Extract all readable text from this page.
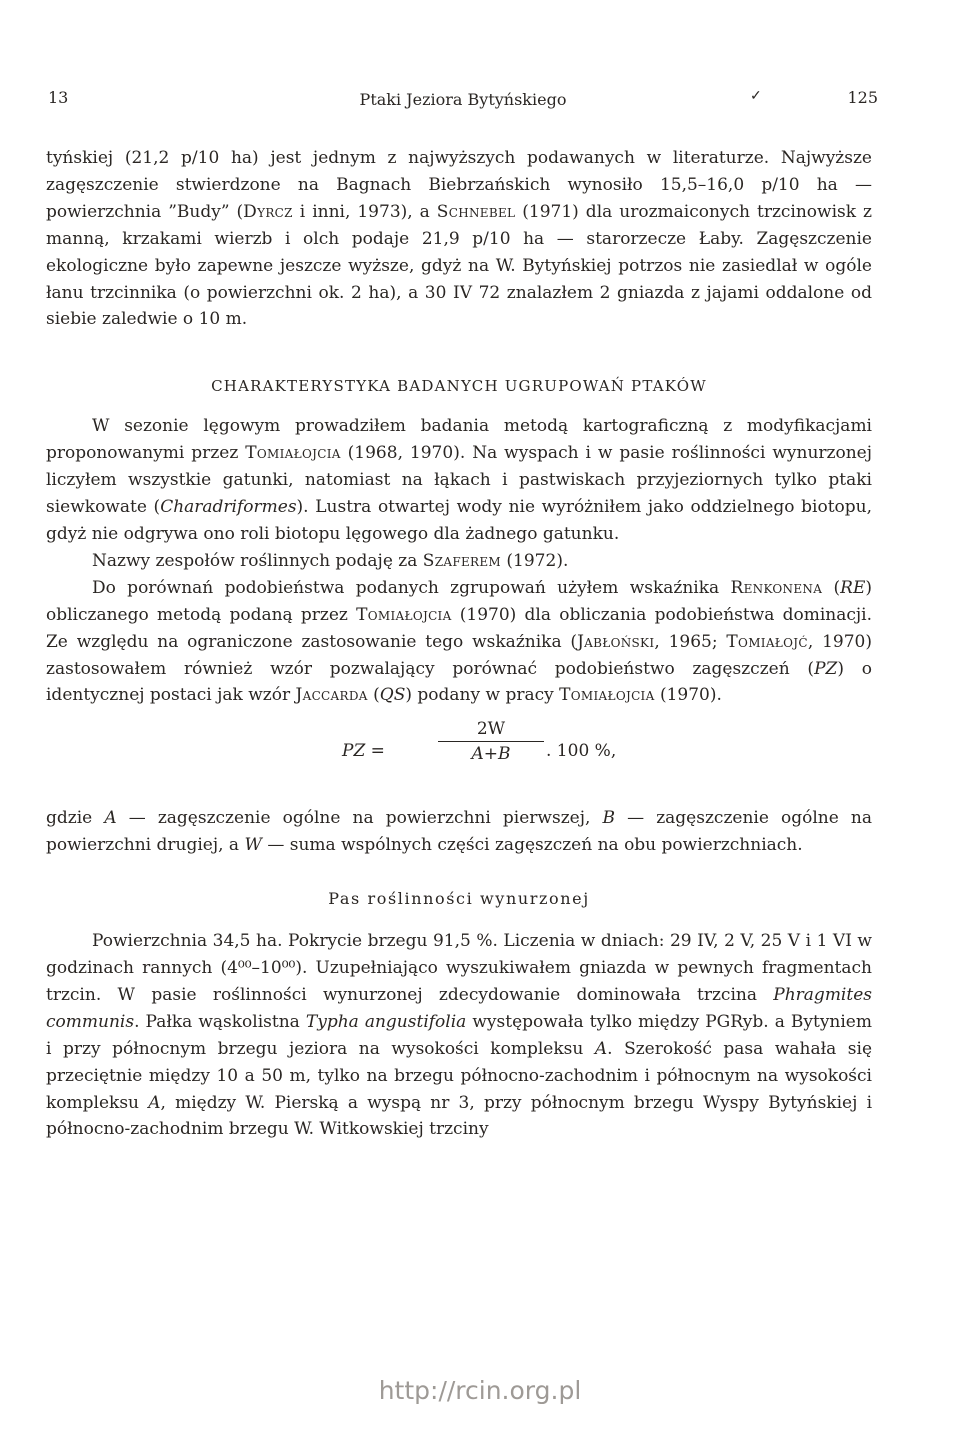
13	Ptaki Jeziora Bytyńskiego	✓	125

tyńskiej (21,2 p/10 ha) jest jednym z najwyższych podawanych w literaturze. Najwyższe zagęszczenie stwierdzone na Bagnach Biebrzańskich wynosiło 15,5–16,0 p/10 ha — powierzchnia ”Budy” (Dyrcz i inni, 1973), a Schnebel (1971) dla urozmaiconych trzcinowisk z manną, krzakami wierzb i olch podaje 21,9 p/10 ha — starorzecze Łaby. Zagęszczenie ekologiczne było zapewne jeszcze wyższe, gdyż na W. Bytyńskiej potrzos nie zasiedlał w ogóle łanu trzcinnika (o powierzchni ok. 2 ha), a 30 IV 72 znalazłem 2 gniazda z jajami oddalone od siebie zaledwie o 10 m.

CHARAKTERYSTYKA BADANYCH UGRUPOWAŃ PTAKÓW

W sezonie lęgowym prowadziłem badania metodą kartograficzną z modyfikacjami proponowanymi przez Tomiałojcia (1968, 1970). Na wyspach i w pasie roślinności wynurzonej liczyłem wszystkie gatunki, natomiast na łąkach i pastwiskach przyjeziornych tylko ptaki siewkowate (Charadriformes). Lustra otwartej wody nie wyróżniłem jako oddzielnego biotopu, gdyż nie odgrywa ono roli biotopu lęgowego dla żadnego gatunku.

Nazwy zespołów roślinnych podaję za Szaferem (1972).

Do porównań podobieństwa podanych zgrupowań użyłem wskaźnika Renkonena (RE) obliczanego metodą podaną przez Tomiałojcia (1970) dla obliczania podobieństwa dominacji. Ze względu na ograniczone zastosowanie tego wskaźnika (Jabłoński, 1965; Tomiałojć, 1970) zastosowałem również wzór pozwalający porównać podobieństwo zagęszczeń (PZ) o identycznej postaci jak wzór Jaccarda (QS) podany w pracy Tomiałojcia (1970).

PZ =
2W
A+B	. 100 %,

gdzie A — zagęszczenie ogólne na powierzchni pierwszej, B — zagęszczenie ogólne na powierzchni drugiej, a W — suma wspólnych części zagęszczeń na obu powierzchniach.

Pas roślinności wynurzonej

Powierzchnia 34,5 ha. Pokrycie brzegu 91,5 %. Liczenia w dniach: 29 IV, 2 V, 25 V i 1 VI w godzinach rannych (4⁰⁰–10⁰⁰). Uzupełniająco wyszukiwałem gniazda w pewnych fragmentach trzcin. W pasie roślinności wynurzonej zdecydowanie dominowała trzcina Phragmites communis. Pałka wąskolistna Typha angustifolia występowała tylko między PGRyb. a Bytyniem i przy północnym brzegu jeziora na wysokości kompleksu A. Szerokość pasa wahała się przeciętnie między 10 a 50 m, tylko na brzegu północno-zachodnim i północnym na wysokości kompleksu A, między W. Pierską a wyspą nr 3, przy północnym brzegu Wyspy Bytyńskiej i północno-zachodnim brzegu W. Witkowskiej trzciny

http://rcin.org.pl
